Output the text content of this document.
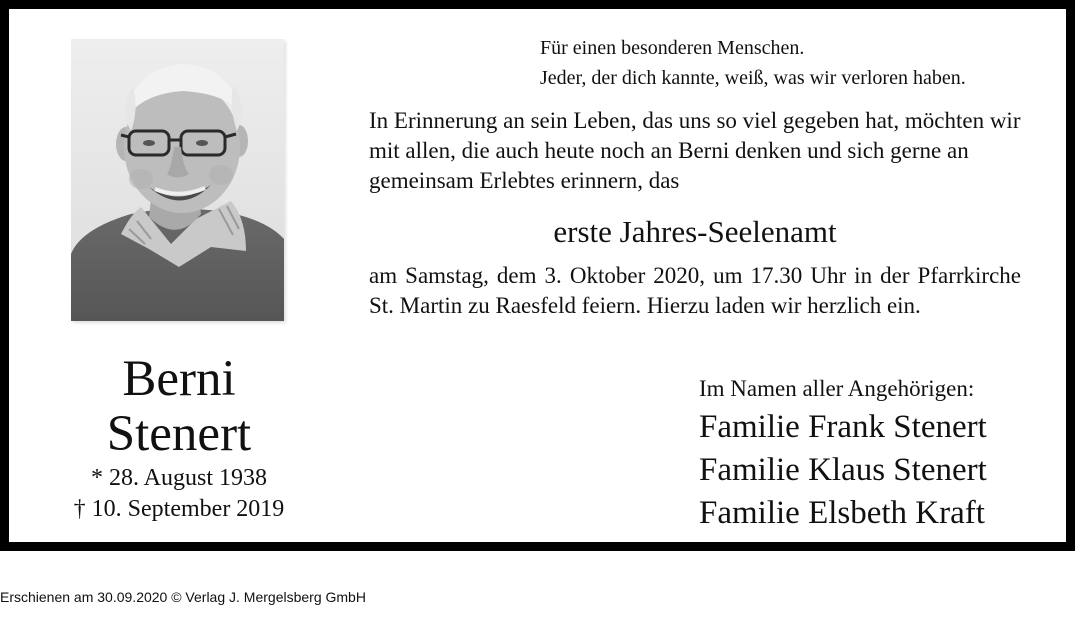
Berni
Stenert
* 28. August 1938
† 10. September 2019
Für einen besonderen Menschen.
Jeder, der dich kannte, weiß, was wir verloren haben.

In Erinnerung an sein Leben, das uns so viel gegeben hat, möchten wir mit allen, die auch heute noch an Berni denken und sich gerne an gemeinsam Erlebtes erinnern, das

erste Jahres-Seelenamt

am Samstag, dem 3. Oktober 2020, um 17.30 Uhr in der Pfarrkirche St. Martin zu Raesfeld feiern. Hierzu laden wir herzlich ein.

Im Namen aller Angehörigen:
Familie Frank Stenert
Familie Klaus Stenert
Familie Elsbeth Kraft
Erschienen am 30.09.2020 © Verlag J. Mergelsberg GmbH
